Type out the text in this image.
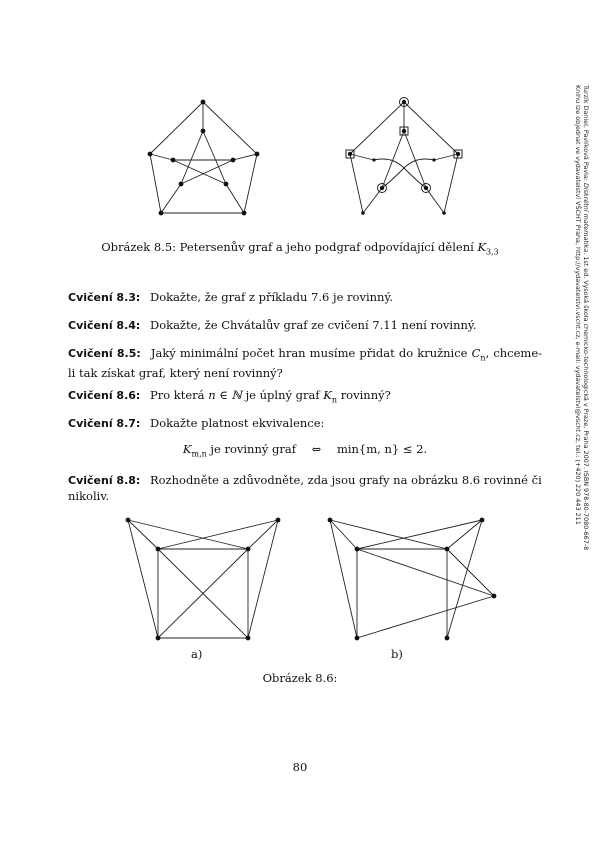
Obrázek 8.5: Petersenův graf a jeho podgraf odpovídající dělení $K_{3,3}$
Cvičení 8.3: Dokažte, že graf z příkladu 7.6 je rovinný.
Cvičení 8.4: Dokažte, že Chvátalův graf ze cvičení 7.11 není rovinný.
Cvičení 8.5: Jaký minimální počet hran musíme přidat do kružnice $C_n$, chceme-li tak získat graf, který není rovinný?
Cvičení 8.6: Pro která n ∈ ℕ je úplný graf $K_n$ rovinný?
Cvičení 8.7: Dokažte platnost ekvivalence:
$K_{m,n}$ je rovinný graf ⇔ min{m, n} ≤ 2.
Cvičení 8.8: Rozhodněte a zdůvodněte, zda jsou grafy na obrázku 8.6 rovinné či nikoliv.
a)	b)
Obrázek 8.6:
80
Turzík Daniel, Pavlíková Pavla: Diskrétní matematika. 1st ed. Vysoká škola chemicko-technologická v Praze, Praha 2007. ISBN 978-80-7080-667-8
Knihu lze objednat ve vydavatelství VŠCHT Praha, http://vydavatelstvi.vscht.cz, e-mail: vydavatelstvi@vscht.cz, tel.: (+420) 220 443 211
